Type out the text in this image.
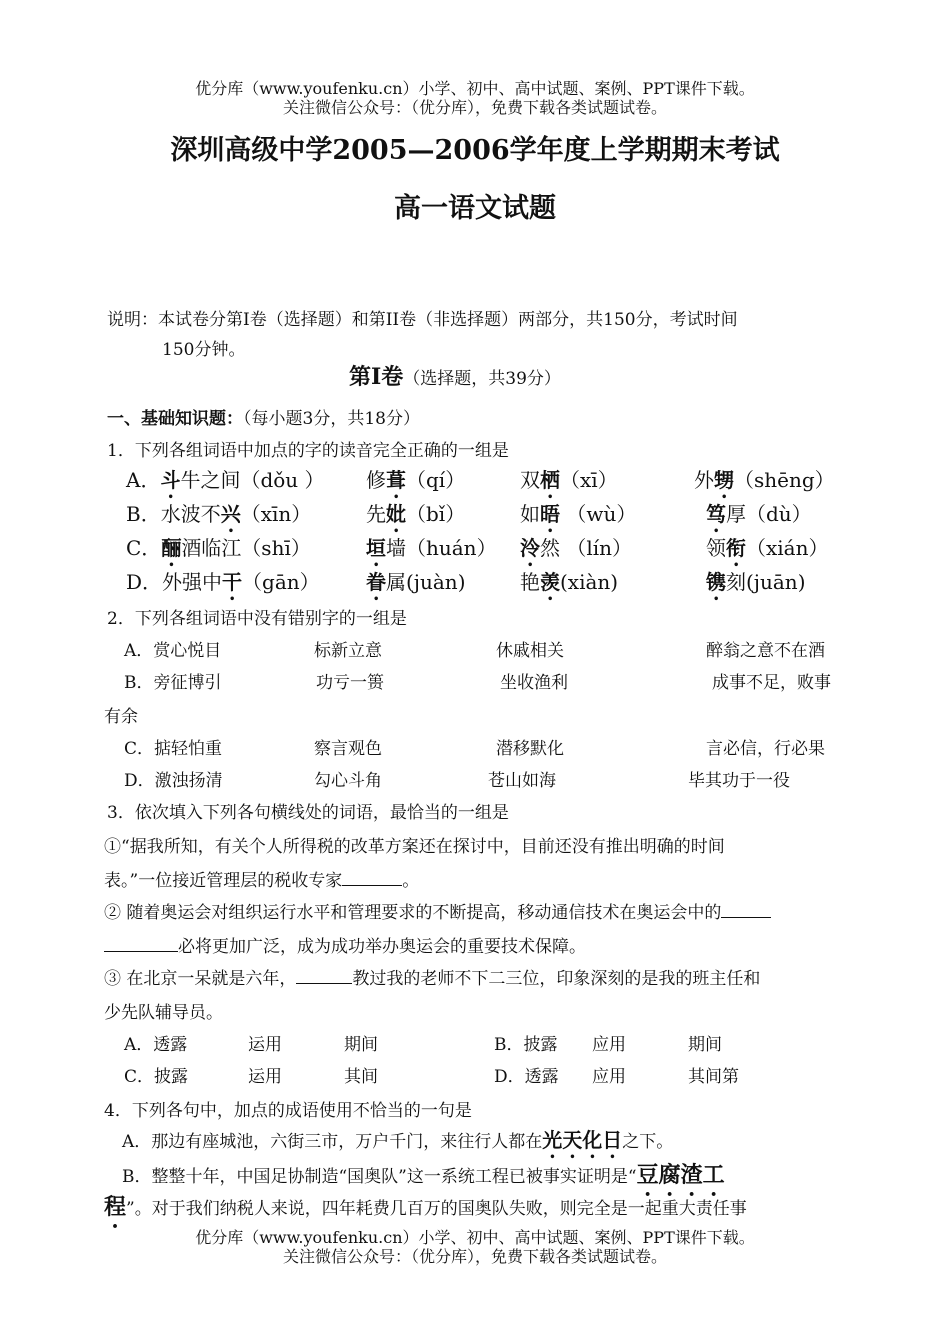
优分库（www.youfenku.cn）小学、初中、高中试题、案例、PPT课件下载。
关注微信公众号：（优分库），免费下载各类试题试卷。
深圳高级中学2005—2006学年度上学期期末考试
高一语文试题
说明：本试卷分第Ⅰ卷（选择题）和第II卷（非选择题）两部分，共150分，考试时间
150分钟。
第Ⅰ卷（选择题，共39分）
一、基础知识题：（每小题3分，共18分）
1．下列各组词语中加点的字的读音完全正确的一组是
A．斗牛之间（dǒu ） 修葺（qí）	双栖（xī）	外甥（shēng）
B．水波不兴（xīn）	先妣（bǐ）	如晤 （wù）	笃厚（dù）
C．酾酒临江（shī）	垣墙（huán） 泠然 （lín）	领衔（xián）
D．外强中干（gān） 眷属(juàn)	艳羡(xiàn)	镌刻(juān)
2．下列各组词语中没有错别字的一组是
A．赏心悦目	标新立意	休戚相关	醉翁之意不在酒
B．旁征博引	功亏一篑	坐收渔利	成事不足，败事
有余
C．掂轻怕重	察言观色	潜移默化	言必信，行必果
D．激浊扬清	勾心斗角	苍山如海	毕其功于一役
3．依次填入下列各句横线处的词语，最恰当的一组是
①“据我所知，有关个人所得税的改革方案还在探讨中，目前还没有推出明确的时间
表。”一位接近管理层的税收专家	。
② 随着奥运会对组织运行水平和管理要求的不断提高，移动通信技术在奥运会中的
必将更加广泛，成为成功举办奥运会的重要技术保障。
③ 在北京一呆就是六年，	教过我的老师不下二三位，印象深刻的是我的班主任和
少先队辅导员。
A．透露	运用	期间	B．披露 应用	期间
C．披露	运用	其间	D．透露 应用	其间第
4．下列各句中，加点的成语使用不恰当的一句是
A．那边有座城池，六街三市，万户千门，来往行人都在光天化日之下。
B．整整十年，中国足协制造“国奥队”这一系统工程已被事实证明是“豆腐渣工
程”。对于我们纳税人来说，四年耗费几百万的国奥队失败，则完全是一起重大责任事
优分库（www.youfenku.cn）小学、初中、高中试题、案例、PPT课件下载。
关注微信公众号：（优分库），免费下载各类试题试卷。
